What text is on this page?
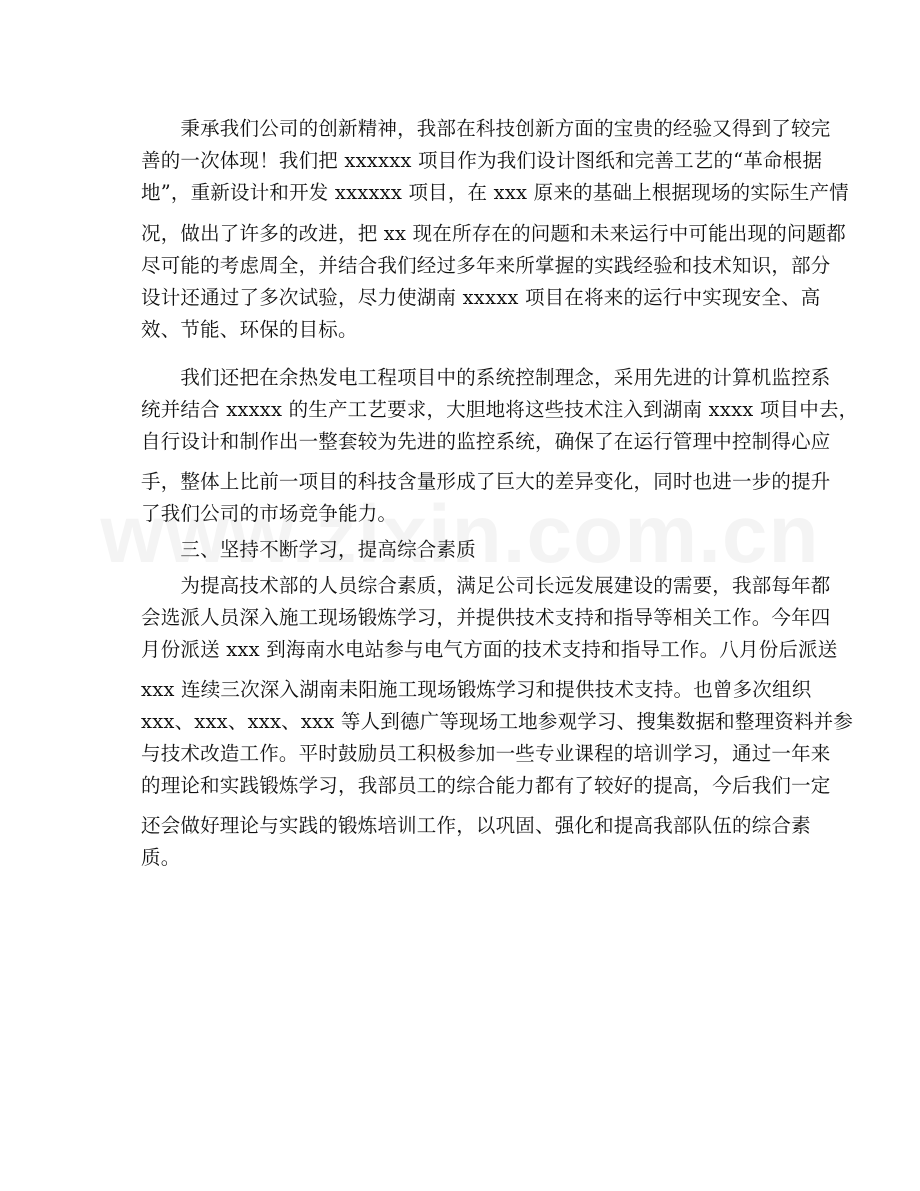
　　秉承我们公司的创新精神，我部在科技创新方面的宝贵的经验又得到了较完
善的一次体现！我们把 xxxxxx 项目作为我们设计图纸和完善工艺的“革命根据
地”，重新设计和开发 xxxxxx 项目，在 xxx 原来的基础上根据现场的实际生产情
况，做出了许多的改进，把 xx 现在所存在的问题和未来运行中可能出现的问题都
尽可能的考虑周全，并结合我们经过多年来所掌握的实践经验和技术知识，部分
设计还通过了多次试验，尽力使湖南 xxxxx 项目在将来的运行中实现安全、高
效、节能、环保的目标。
　　我们还把在余热发电工程项目中的系统控制理念，采用先进的计算机监控系
统并结合 xxxxx 的生产工艺要求，大胆地将这些技术注入到湖南 xxxx 项目中去，
自行设计和制作出一整套较为先进的监控系统，确保了在运行管理中控制得心应
手，整体上比前一项目的科技含量形成了巨大的差异变化，同时也进一步的提升
了我们公司的市场竞争能力。
　　三、坚持不断学习，提高综合素质
　　为提高技术部的人员综合素质，满足公司长远发展建设的需要，我部每年都
会选派人员深入施工现场锻炼学习，并提供技术支持和指导等相关工作。今年四
月份派送 xxx 到海南水电站参与电气方面的技术支持和指导工作。八月份后派送
xxx 连续三次深入湖南耒阳施工现场锻炼学习和提供技术支持。也曾多次组织
xxx、xxx、xxx、xxx 等人到德广等现场工地参观学习、搜集数据和整理资料并参
与技术改造工作。平时鼓励员工积极参加一些专业课程的培训学习，通过一年来
的理论和实践锻炼学习，我部员工的综合能力都有了较好的提高，今后我们一定
还会做好理论与实践的锻炼培训工作，以巩固、强化和提高我部队伍的综合素
质。
